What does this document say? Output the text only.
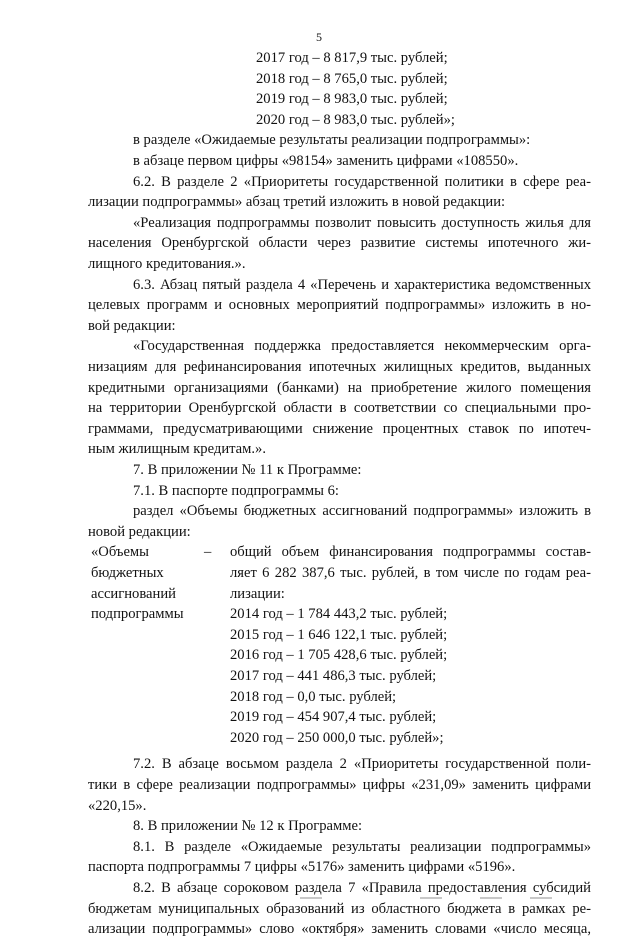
5
2017 год – 8 817,9 тыс. рублей;
2018 год – 8 765,0 тыс. рублей;
2019 год – 8 983,0 тыс. рублей;
2020 год – 8 983,0 тыс. рублей»;
в разделе «Ожидаемые результаты реализации подпрограммы»:
в абзаце первом цифры «98154» заменить цифрами «108550».
6.2. В разделе 2 «Приоритеты государственной политики в сфере реа-
лизации подпрограммы» абзац третий изложить в новой редакции:
«Реализация подпрограммы позволит повысить доступность жилья для
населения Оренбургской области через развитие системы ипотечного жи-
лищного кредитования.».
6.3. Абзац пятый раздела 4 «Перечень и характеристика ведомственных
целевых программ и основных мероприятий подпрограммы» изложить в но-
вой редакции:
«Государственная поддержка предоставляется некоммерческим орга-
низациям для рефинансирования ипотечных жилищных кредитов, выданных
кредитными организациями (банками) на приобретение жилого помещения
на территории Оренбургской области в соответствии со специальными про-
граммами, предусматривающими снижение процентных ставок по ипотеч-
ным жилищным кредитам.».
7. В приложении № 11 к Программе:
7.1. В паспорте подпрограммы 6:
раздел «Объемы бюджетных ассигнований подпрограммы» изложить в
новой редакции:
«Объемы
бюджетных
ассигнований
подпрограммы
– общий объем финансирования подпрограммы состав-
ляет 6 282 387,6 тыс. рублей, в том числе по годам реа-
лизации:
2014 год – 1 784 443,2 тыс. рублей;
2015 год – 1 646 122,1 тыс. рублей;
2016 год – 1 705 428,6 тыс. рублей;
2017 год – 441 486,3 тыс. рублей;
2018 год – 0,0 тыс. рублей;
2019 год – 454 907,4 тыс. рублей;
2020 год – 250 000,0 тыс. рублей»;
7.2. В абзаце восьмом раздела 2 «Приоритеты государственной поли-
тики в сфере реализации подпрограммы» цифры «231,09» заменить цифрами
«220,15».
8. В приложении № 12 к Программе:
8.1. В разделе «Ожидаемые результаты реализации подпрограммы»
паспорта подпрограммы 7 цифры «5176» заменить цифрами «5196».
8.2. В абзаце сороковом раздела 7 «Правила предоставления субсидий
бюджетам муниципальных образований из областного бюджета в рамках ре-
ализации подпрограммы» слово «октября» заменить словами «число месяца,
